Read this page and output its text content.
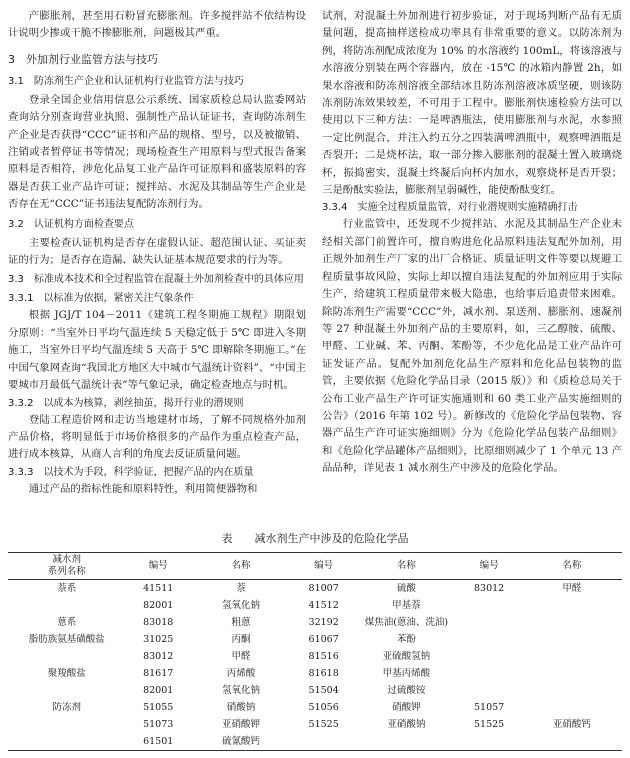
产膨胀剂，甚至用石粉冒充膨胀剂。许多搅拌站不依结构设计说明少掺或干脆不掺膨胀剂，问题极其严重。

3　外加剂行业监管方法与技巧
3.1　防冻剂生产企业和认证机构行业监管方法与技巧

登录全国企业信用信息公示系统、国家质检总局认监委网站查询站分别查询营业执照、强制性产品认证证书，查询防冻剂生产企业是否获得“CCC”证书和产品的规格、型号，以及被撤销、注销或者暂停证书等情况；现场检查生产用原料与型式报告备案原料是否相符，涉危化品复工业产品许可证原料和盛装原料的容器是否获工业产品许可证；搅拌站、水泥及其制品等生产企业是否存在无“CCC”证书违法复配防冻剂行为。

3.2　认证机构方面检查要点

主要检查认证机构是否存在虚假认证、超范围认证、买证卖证的行为；是否存在造漏、缺失认证基本规范要求的行为等。

3.3　标准成本技术和全过程监管在混凝土外加剂检查中的具体应用
3.3.1　以标准为依据，紧密关注气象条件

根据 JGJ/T 104－2011《建筑工程冬期施工规程》期限划分原则：“当室外日平均气温连续 5 天稳定低于 5℃ 即进入冬期施工，当室外日平均气温连续 5 天高于 5℃ 即解除冬期施工。”在中国气象网查询“我国北方地区大中城市气温统计资料”、“中国主要城市月最低气温统计表”等气象记录，确定检查地点与时机。

3.3.2　以成本为核算，剥丝抽茧，揭开行业的潜规则

登陆工程造价网和走访当地建材市场，了解不同规格外加剂产品价格，将明显低于市场价格很多的产品作为重点检查产品，进行成本核算，从商人言利的角度去反证质量问题。

3.3.3　以技术为手段，科学验证，把握产品的内在质量

通过产品的指标性能和原料特性，利用简便器物和

试剂，对混凝土外加剂进行初步验证，对于现场判断产品有无质量问题，提高抽样送检成功率具有非常重要的意义。以防冻剂为例，将防冻剂配成浓度为 10% 的水溶液约 100mL，将该溶液与水溶液分别装在两个容器内，放在 -15℃ 的冰箱内静置 2h，如果水溶液和防冻剂溶液全部结冰且防冻剂溶液冰质坚硬，则该防冻剂防冻效果较差，不可用于工程中。膨胀剂快速检验方法可以使用以下三种方法：一是啤酒瓶法，使用膨胀剂与水泥，水参照一定比例混合，并注入约五分之四装满啤酒瓶中，观察啤酒瓶是否裂开；二是烧杯法，取一部分掺入膨胀剂的混凝土置入玻璃烧杯，振捣密实，混凝土终凝后向杯内加水，观察烧杯是否开裂；三是酚酞实验法，膨胀剂呈弱碱性，能使酚酞变红。

3.3.4　实施全过程质量监管，对行业潜规则实施精确打击

行业监管中，还发现不少搅拌站、水泥及其制品生产企业未经相关部门前置许可，擅自购进危化品原料违法复配外加剂，用正规外加剂生产厂家的出厂合格证、质量证明文件等要以规避工程质量事故风险，实际上却以擅自违法复配的外加剂应用于实际生产，给建筑工程质量带来极大隐患，也给事后追责带来困难。除防冻剂生产需要“CCC”外，减水剂、泵送剂、膨胀剂、速凝剂等 27 种混凝土外加剂产品的主要原料，如，三乙醇胺、硫酸、甲醛、工业碱、苯、丙酮、苯酚等，不少危化品是工业产品许可证发证产品。复配外加剂危化品生产原料和危化品包装物的监管，主要依据《危险化学品目录（2015 版）》和《质检总局关于公布工业产品生产许可证实施通则和 60 类工业产品实施细则的公告》（2016 年第 102 号）。新修改的《危险化学品包装物、容器产品生产许可证实施细则》分为《危险化学品包装产品细则》和《危险化学品罐体产品细则》，比原细则减少了 1 个单元 13 产品品种，详见表 1 减水剂生产中涉及的危险化学品。

表　　减水剂生产中涉及的危险化学品
减水剂
系列名称	编号	名称	编号	名称	编号	名称
萘系	41511	萘	81007	硫酸	83012	甲醛
	82001	氢氧化钠	41512	甲基萘		
蒽系	83018	粗蒽	32192	煤焦油(蒽油、洗油)		
脂肪族氨基磺酸盐	31025	丙酮	61067	苯酚		
	83012	甲醛	81516	亚硫酸氢钠		
聚羧酸盐	81617	丙烯酸	81618	甲基丙烯酸		
	82001	氢氧化钠	51504	过硫酸铵		
防冻剂	51055	硝酸钠	51056	硝酸钾	51057	
	51073	亚硝酸钾	51525	亚硝酸钠	51525	亚硝酸钙
	61501	硫氰酸钙				
